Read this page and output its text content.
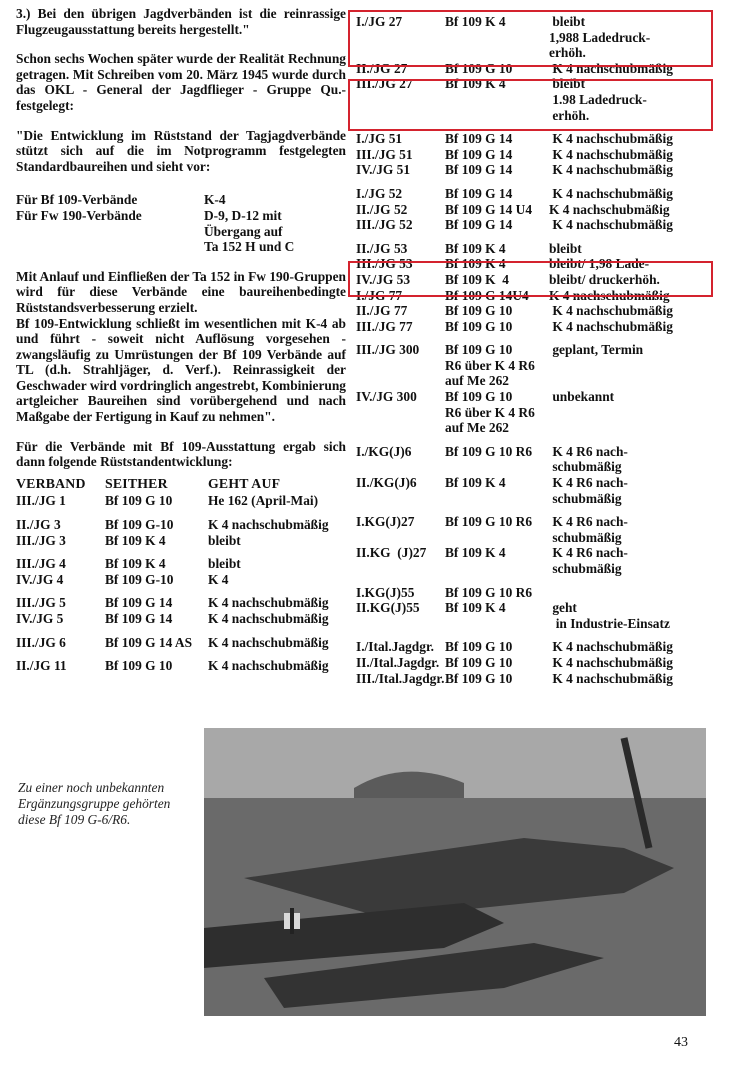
3.) Bei den übrigen Jagdverbänden ist die reinrassige Flugzeugausstattung bereits hergestellt."

Schon sechs Wochen später wurde der Realität Rechnung getragen. Mit Schreiben vom 20. März 1945 wurde durch das OKL - General der Jagdflieger - Gruppe Qu.- festgelegt:

"Die Entwicklung im Rüststand der Tagjagdverbände stützt sich auf die im Notprogramm festgelegten Standardbaureihen und sieht vor:

Für Bf 109-Verbände	K-4
Für Fw 190-Verbände	D-9, D-12 mit
Übergang auf
Ta 152 H und C

Mit Anlauf und Einfließen der Ta 152 in Fw 190-Gruppen wird für diese Verbände eine baureihenbedingte Rüststandsverbesserung erzielt.

Bf 109-Entwicklung schließt im wesentlichen mit K-4 ab und führt - soweit nicht Auflösung vorgesehen - zwangsläufig zu Umrüstungen der Bf 109 Verbände auf TL (d.h. Strahljäger, d. Verf.). Reinrassigkeit der Geschwader wird vordringlich angestrebt, Kombinierung artgleicher Baureihen sind vorübergehend und nach Maßgabe der Fertigung in Kauf zu nehmen".

Für die Verbände mit Bf 109-Ausstattung ergab sich dann folgende Rüststandentwicklung:

VERBAND	SEITHER	GEHT AUF
III./JG 1	Bf 109 G 10	He 162 (April-Mai)
II./JG 3	Bf 109 G-10	K 4 nachschubmäßig
III./JG 3	Bf 109 K 4	bleibt
III./JG 4	Bf 109 K 4	bleibt
IV./JG 4	Bf 109 G-10	K 4
III./JG 5	Bf 109 G 14	K 4 nachschubmäßig
IV./JG 5	Bf 109 G 14	K 4 nachschubmäßig
III./JG 6	Bf 109 G 14 AS	K 4 nachschubmäßig
II./JG 11	Bf 109 G 10	K 4 nachschubmäßig
I./JG 27	Bf 109 K 4	bleibt
1,988 Ladedruck-
erhöh.
II./JG 27	Bf 109 G 10	K 4 nachschubmäßig
III./JG 27	Bf 109 K 4	bleibt
1.98 Ladedruck-
erhöh.
I./JG 51	Bf 109 G 14	K 4 nachschubmäßig
III./JG 51	Bf 109 G 14	K 4 nachschubmäßig
IV./JG 51	Bf 109 G 14	K 4 nachschubmäßig
I./JG 52	Bf 109 G 14	K 4 nachschubmäßig
II./JG 52	Bf 109 G 14 U4	K 4 nachschubmäßig
III./JG 52	Bf 109 G 14	K 4 nachschubmäßig
II./JG 53	Bf 109 K 4	bleibt
III./JG 53	Bf 109 K 4	bleibt/ 1,98 Lade-
IV./JG 53	Bf 109 K  4	bleibt/ druckerhöh.
I./JG 77	Bf 109 G 14U4	K 4 nachschubmäßig
II./JG 77	Bf 109 G 10	K 4 nachschubmäßig
III./JG 77	Bf 109 G 10	K 4 nachschubmäßig
III./JG 300	Bf 109 G 10	geplant, Termin
R6 über K 4 R6
auf Me 262
IV./JG 300	Bf 109 G 10	unbekannt
R6 über K 4 R6
auf Me 262
I./KG(J)6	Bf 109 G 10 R6	K 4 R6 nach-
schubmäßig
II./KG(J)6	Bf 109 K 4	K 4 R6 nach-
schubmäßig
I.KG(J)27	Bf 109 G 10 R6	K 4 R6 nach-
schubmäßig
II.KG  (J)27	Bf 109 K 4	K 4 R6 nach-
schubmäßig
I.KG(J)55	Bf 109 G 10 R6
II.KG(J)55	Bf 109 K 4	geht
in Industrie-Einsatz
I./Ital.Jagdgr. Bf 109 G 10	K 4 nachschubmäßig
II./Ital.Jagdgr. Bf 109 G 10	K 4 nachschubmäßig
III./Ital.Jagdgr. Bf 109 G 10	K 4 nachschubmäßig
Zu einer noch unbekannten Ergänzungsgruppe gehörten diese Bf 109 G-6/R6.
43
